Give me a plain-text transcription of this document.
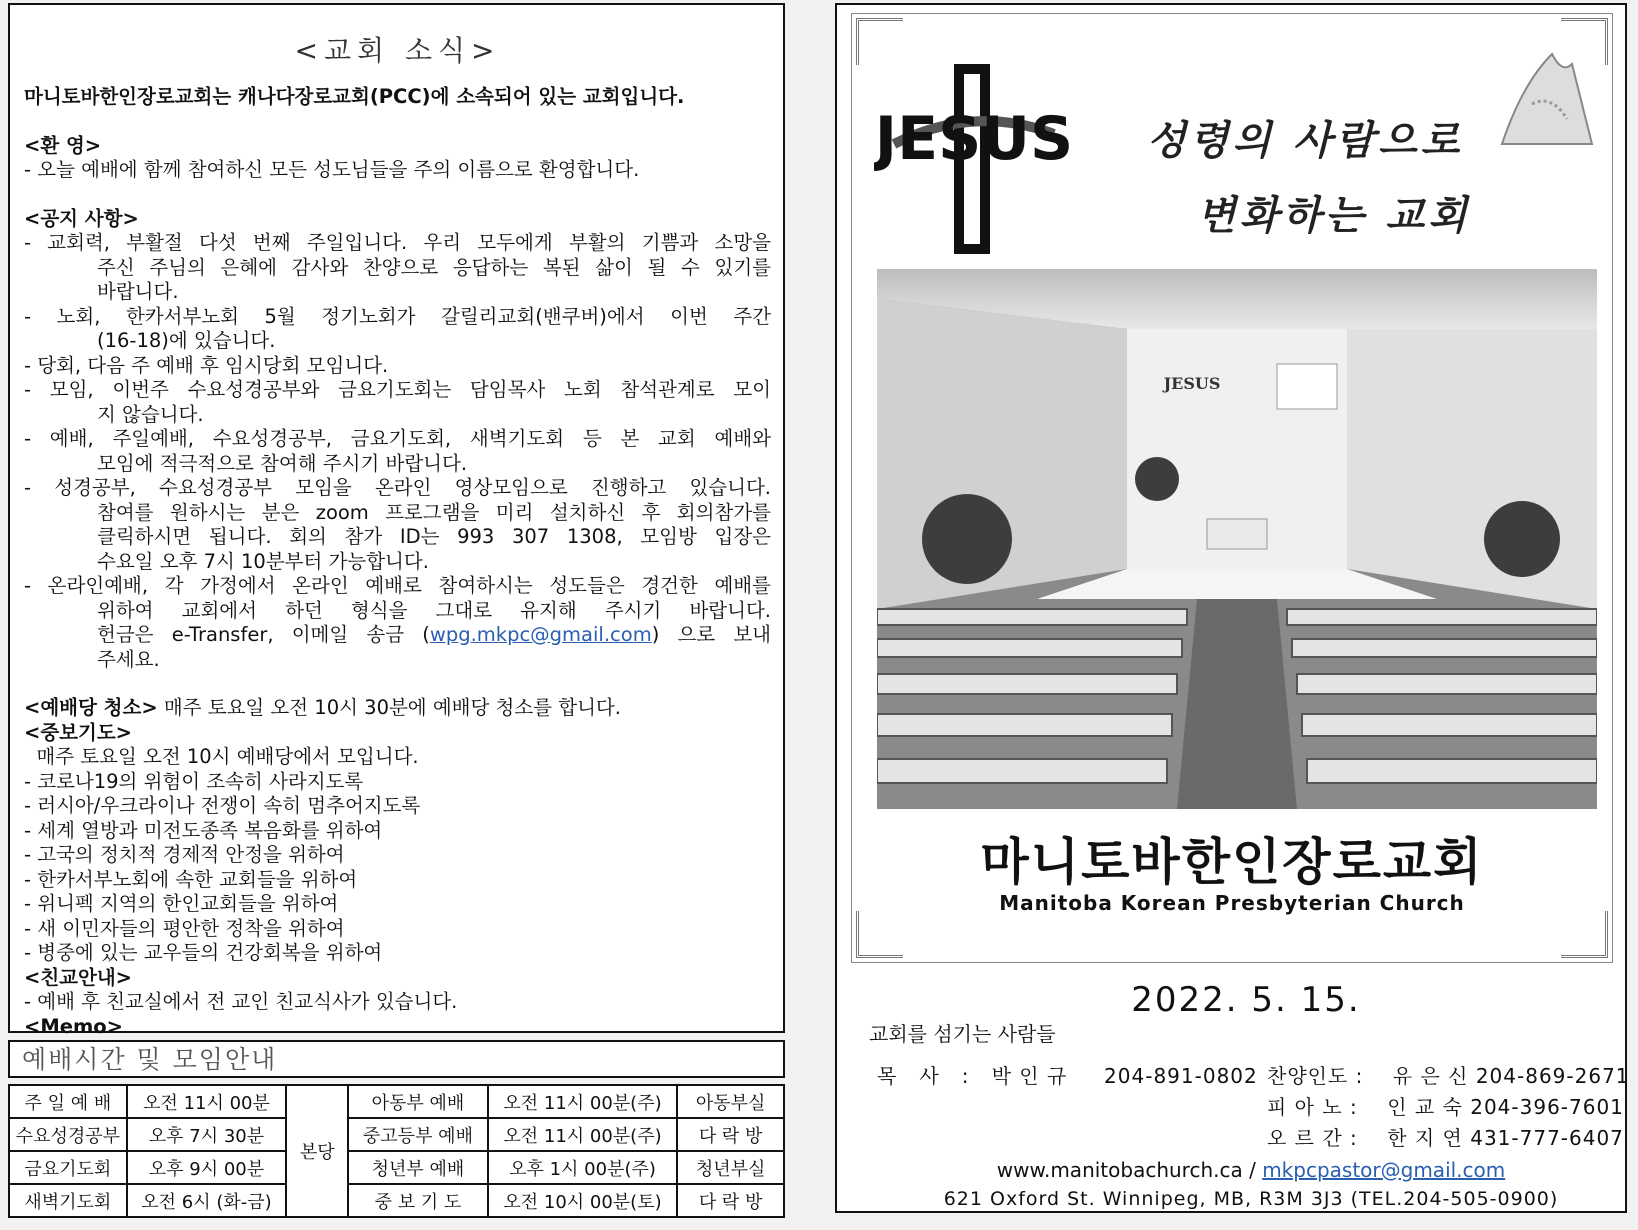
<교회 소식>
마니토바한인장로교회는 캐나다장로교회(PCC)에 소속되어 있는 교회입니다.
<환 영>
- 오늘 예배에 함께 참여하신 모든 성도님들을 주의 이름으로 환영합니다.
<공지 사항>
- 교회력, 부활절 다섯 번째 주일입니다. 우리 모두에게 부활의 기쁨과 소망을
주신 주님의 은혜에 감사와 찬양으로 응답하는 복된 삶이 될 수 있기를
바랍니다.
- 노회, 한카서부노회 5월 정기노회가 갈릴리교회(밴쿠버)에서 이번 주간
(16-18)에 있습니다.
- 당회, 다음 주 예배 후 임시당회 모임니다.
- 모임, 이번주 수요성경공부와 금요기도회는 담임목사 노회 참석관계로 모이
지 않습니다.
- 예배, 주일예배, 수요성경공부, 금요기도회, 새벽기도회 등 본 교회 예배와
모임에 적극적으로 참여해 주시기 바랍니다.
- 성경공부, 수요성경공부 모임을 온라인 영상모임으로 진행하고 있습니다.
참여를 원하시는 분은 zoom 프로그램을 미리 설치하신 후 회의참가를
클릭하시면 됩니다. 회의 참가 ID는 993 307 1308, 모임방 입장은
수요일 오후 7시 10분부터 가능합니다.
- 온라인예배, 각 가정에서 온라인 예배로 참여하시는 성도들은 경건한 예배를
위하여 교회에서 하던 형식을 그대로 유지해 주시기 바랍니다.
헌금은 e-Transfer, 이메일 송금 (wpg.mkpc@gmail.com) 으로 보내
주세요.
<예배당 청소> 매주 토요일 오전 10시 30분에 예배당 청소를 합니다.
<중보기도>
매주 토요일 오전 10시 예배당에서 모입니다.
- 코로나19의 위험이 조속히 사라지도록
- 러시아/우크라이나 전쟁이 속히 멈추어지도록
- 세계 열방과 미전도종족 복음화를 위하여
- 고국의 정치적 경제적 안정을 위하여
- 한카서부노회에 속한 교회들을 위하여
- 위니펙 지역의 한인교회들을 위하여
- 새 이민자들의 평안한 정착을 위하여
- 병중에 있는 교우들의 건강회복을 위하여
<친교안내>
- 예배 후 친교실에서 전 교인 친교식사가 있습니다.
<Memo>
예배시간 및 모임안내
주 일 예 배	오전 11시 00분	본당	아동부 예배	오전 11시 00분(주)	아동부실
수요성경공부	오후 7시 30분		중고등부 예배	오전 11시 00분(주)	다 락 방
금요기도회	오후 9시 00분		청년부 예배	오후 1시 00분(주)	청년부실
새벽기도회	오전 6시 (화-금)		중 보 기 도	오전 10시 00분(토)	다 락 방
JESUS 성령의 사람으로
변화하는 교회
JESUS
마니토바한인장로교회
Manitoba Korean Presbyterian Church
2022. 5. 15.
교회를 섬기는 사람들
목   사   :   박 인 규     204-891-0802 찬양인도 :    유 은 신 204-869-2671
피 아 노 :    인 교 숙 204-396-7601
오 르 간 :    한 지 연 431-777-6407
www.manitobachurch.ca / mkpcpastor@gmail.com
621 Oxford St. Winnipeg, MB, R3M 3J3 (TEL.204-505-0900)
